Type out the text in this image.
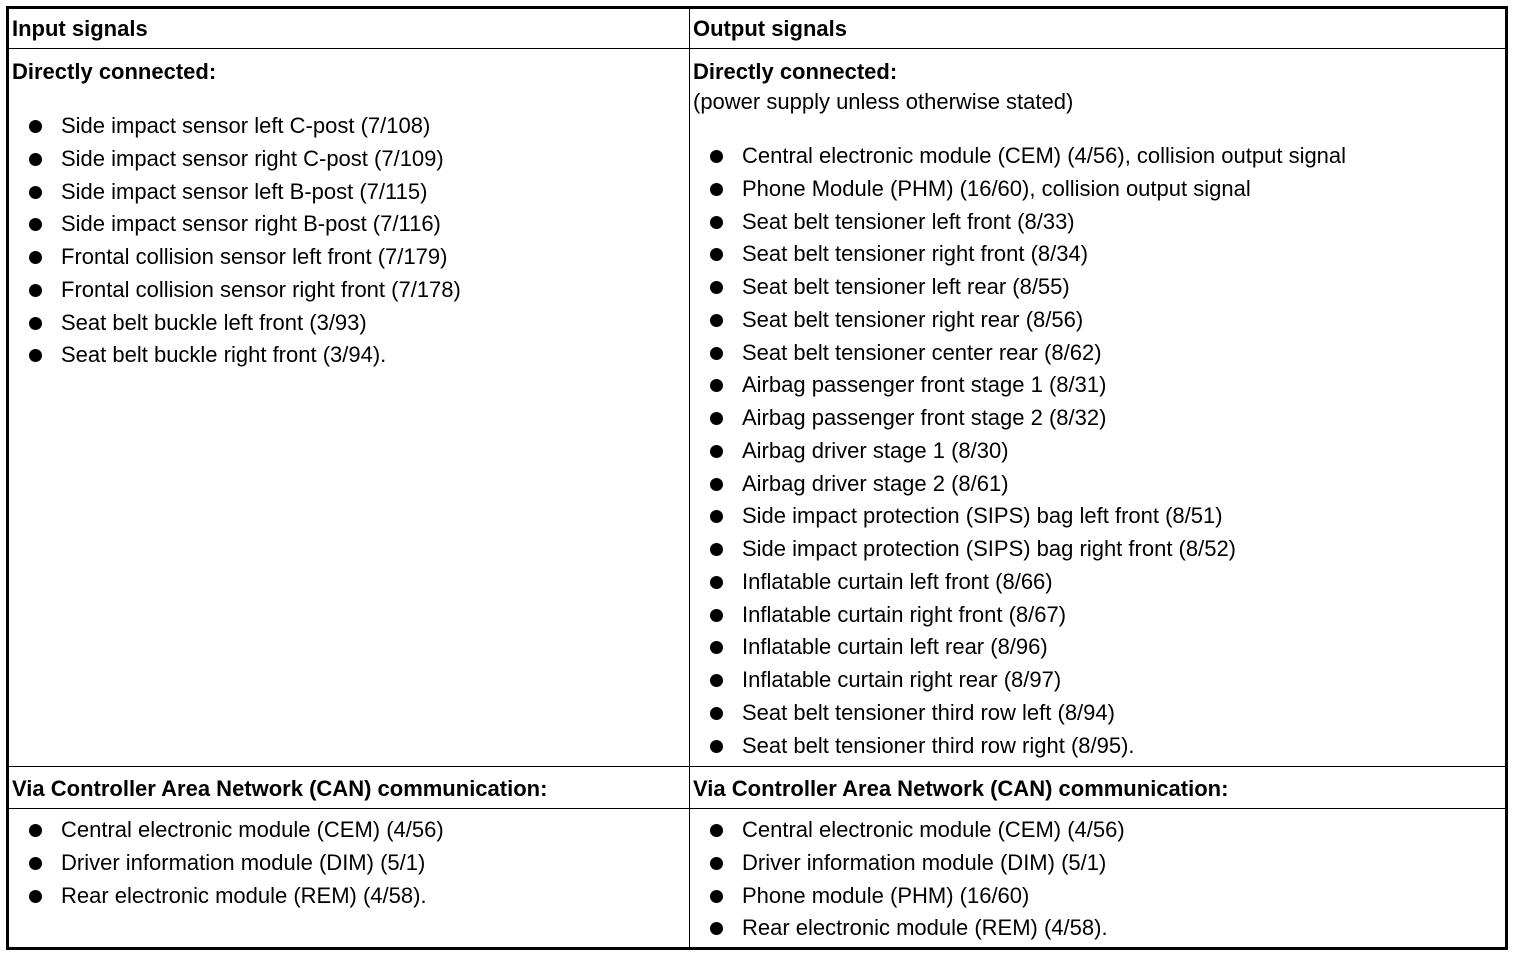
Input signals
Directly connected:
Side impact sensor left C-post (7/108)
Side impact sensor right C-post (7/109)
Side impact sensor left B-post (7/115)
Side impact sensor right B-post (7/116)
Frontal collision sensor left front (7/179)
Frontal collision sensor right front (7/178)
Seat belt buckle left front (3/93)
Seat belt buckle right front (3/94).
Via Controller Area Network (CAN) communication:
Central electronic module (CEM) (4/56)
Driver information module (DIM) (5/1)
Rear electronic module (REM) (4/58).
Output signals
Directly connected:
(power supply unless otherwise stated)
Central electronic module (CEM) (4/56), collision output signal
Phone Module (PHM) (16/60), collision output signal
Seat belt tensioner left front (8/33)
Seat belt tensioner right front (8/34)
Seat belt tensioner left rear (8/55)
Seat belt tensioner right rear (8/56)
Seat belt tensioner center rear (8/62)
Airbag passenger front stage 1 (8/31)
Airbag passenger front stage 2 (8/32)
Airbag driver stage 1 (8/30)
Airbag driver stage 2 (8/61)
Side impact protection (SIPS) bag left front (8/51)
Side impact protection (SIPS) bag right front (8/52)
Inflatable curtain left front (8/66)
Inflatable curtain right front (8/67)
Inflatable curtain left rear (8/96)
Inflatable curtain right rear (8/97)
Seat belt tensioner third row left (8/94)
Seat belt tensioner third row right (8/95).
Via Controller Area Network (CAN) communication:
Central electronic module (CEM) (4/56)
Driver information module (DIM) (5/1)
Phone module (PHM) (16/60)
Rear electronic module (REM) (4/58).
